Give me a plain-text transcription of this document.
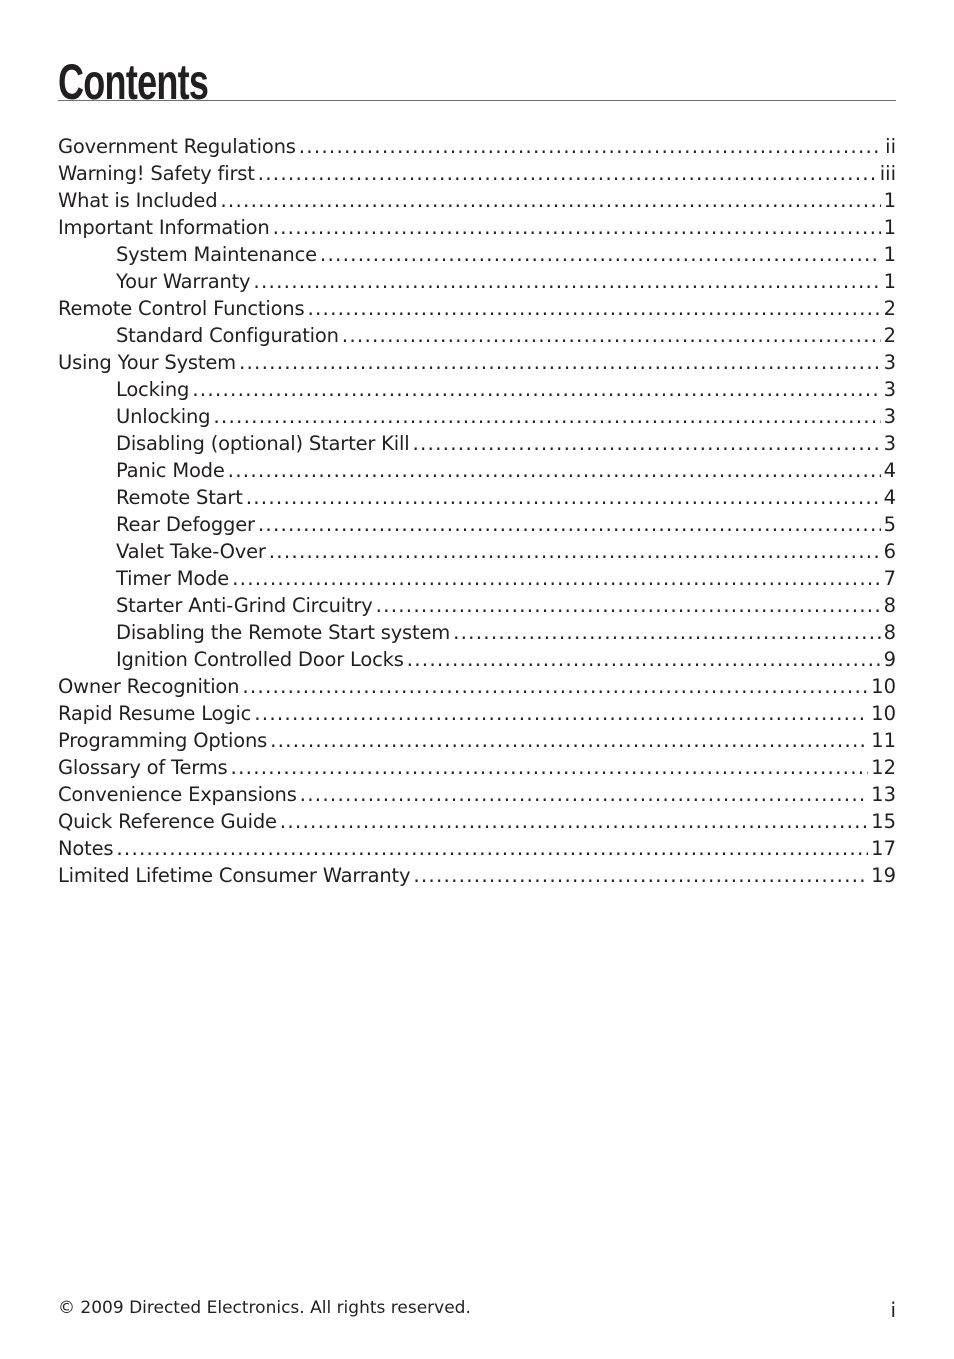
Contents
Government Regulations .....	ii
Warning! Safety first .....	iii
What is Included .....	1
Important Information .....	1
System Maintenance .....	1
Your Warranty .....	1
Remote Control Functions .....	2
Standard Configuration .....	2
Using Your System .....	3
Locking .....	3
Unlocking .....	3
Disabling (optional) Starter Kill .....	3
Panic Mode .....	4
Remote Start .....	4
Rear Defogger .....	5
Valet Take-Over .....	6
Timer Mode .....	7
Starter Anti-Grind Circuitry .....	8
Disabling the Remote Start system .....	8
Ignition Controlled Door Locks .....	9
Owner Recognition .....	10
Rapid Resume Logic .....	10
Programming Options .....	11
Glossary of Terms .....	12
Convenience Expansions .....	13
Quick Reference Guide .....	15
Notes .....	17
Limited Lifetime Consumer Warranty .....	19
© 2009 Directed Electronics. All rights reserved.	i
